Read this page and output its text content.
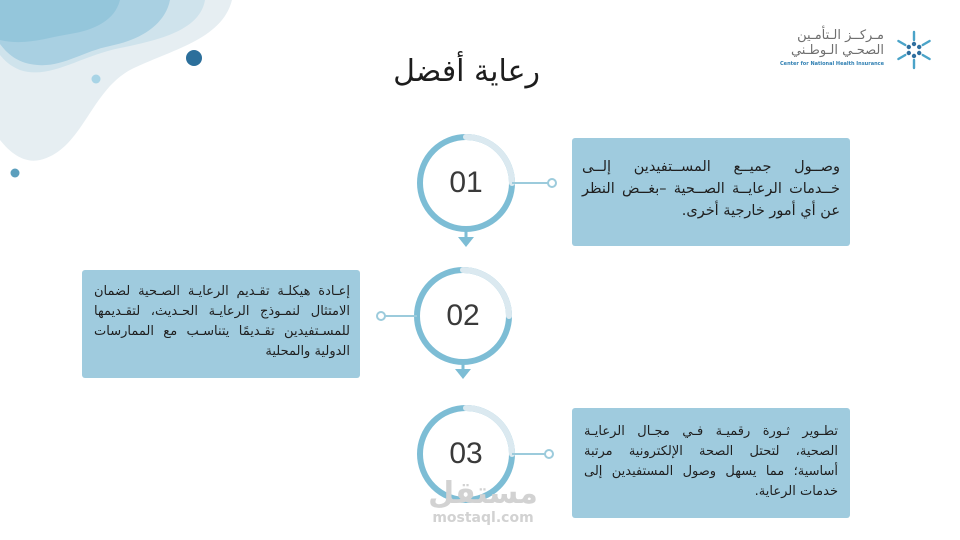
رعاية أفضل
مـركــز الـتأمـين
الصحـي الـوطـني
Center for National Health Insurance
01
02
03
وصــول جميــع المســتفيدين إلــى خــدمات الرعايــة الصــحية –بغــض النظر عن أي أمور خارجية أخرى.
إعـادة هيكلـة تقـديم الرعايـة الصـحية لضمان الامتثال لنمـوذج الرعايـة الحـديث، لتقـديمها للمسـتفيدين تقـديمًا يتناسـب مع الممارسات الدولية والمحلية
تطـوير ثـورة رقميـة فـي مجـال الرعايـة الصحية، لتحتل الصحة الإلكترونية مرتبة أساسية؛ مما يسهل وصول المستفيدين إلى خدمات الرعاية.
مستقل
mostaql.com
